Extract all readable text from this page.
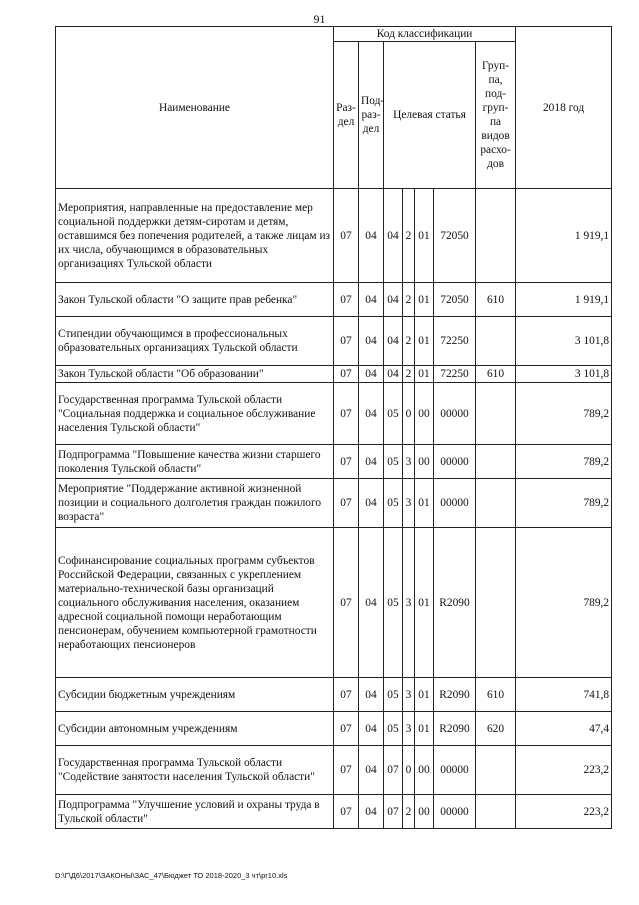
91
Наименование	Код классификации							2018 год
	Раз-дел	Под-раз-дел	Целевая статья				Груп-па, под-груп-па видов расхо-дов	
Мероприятия, направленные на предоставление мер социальной поддержки детям-сиротам и детям, оставшимся без попечения родителей, а также лицам из их числа, обучающимся в образовательных организациях Тульской области	07	04	04	2	01	72050		1 919,1
Закон Тульской области "О защите прав ребенка"	07	04	04	2	01	72050	610	1 919,1
Стипендии обучающимся в профессиональных образовательных организациях Тульской области	07	04	04	2	01	72250		3 101,8
Закон Тульской области "Об образовании"	07	04	04	2	01	72250	610	3 101,8
Государственная программа Тульской области "Социальная поддержка и социальное обслуживание населения Тульской области"	07	04	05	0	00	00000		789,2
Подпрограмма "Повышение качества жизни старшего поколения Тульской области"	07	04	05	3	00	00000		789,2
Мероприятие "Поддержание активной жизненной позиции и социального долголетия граждан пожилого возраста"	07	04	05	3	01	00000		789,2
Софинансирование социальных программ субъектов Российской Федерации, связанных с укреплением материально-технической базы организаций социального обслуживания населения, оказанием адресной социальной помощи неработающим пенсионерам, обучением компьютерной грамотности неработающих пенсионеров	07	04	05	3	01	R2090		789,2
Субсидии бюджетным учреждениям	07	04	05	3	01	R2090	610	741,8
Субсидии автономным учреждениям	07	04	05	3	01	R2090	620	47,4
Государственная программа Тульской области "Содействие занятости населения Тульской области"	07	04	07	0	00	00000		223,2
Подпрограмма "Улучшение условий и охраны труда в Тульской области"	07	04	07	2	00	00000		223,2
D:\Г\Д6\2017\ЗАКОНЫ\ЗАС_47\Бюджет ТО 2018-2020_3 чт\pr10.xls
